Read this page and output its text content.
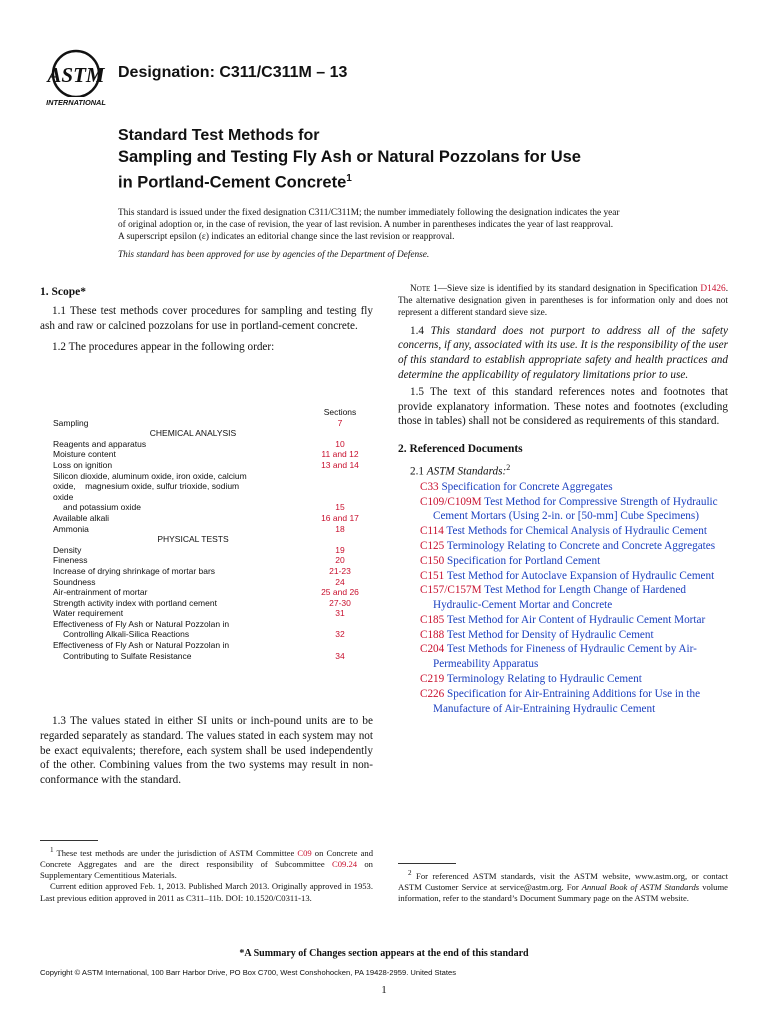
ASTM
INTERNATIONAL
Designation: C311/C311M – 13
Standard Test Methods for
Sampling and Testing Fly Ash or Natural Pozzolans for Use
in Portland-Cement Concrete$^1$

This standard is issued under the fixed designation C311/C311M; the number immediately following the designation indicates the year

of original adoption or, in the case of revision, the year of last revision. A number in parentheses indicates the year of last reapproval.

A superscript epsilon (ε) indicates an editorial change since the last revision or reapproval.

This standard has been approved for use by agencies of the Department of Defense.
1. Scope*

1.1 These test methods cover procedures for sampling and testing fly ash and raw or calcined pozzolans for use in portland-cement concrete.

1.2 The procedures appear in the following order:

Sections
Sampling	7
CHEMICAL ANALYSIS
Reagents and apparatus	10
Moisture content	11 and 12
Loss on ignition	13 and 14
Silicon dioxide, aluminum oxide, iron oxide, calcium
oxide,    magnesium oxide, sulfur trioxide, sodium
oxide
and potassium oxide	15
Available alkali	16 and 17
Ammonia	18
PHYSICAL TESTS
Density	19
Fineness	20
Increase of drying shrinkage of mortar bars	21-23
Soundness	24
Air-entrainment of mortar	25 and 26
Strength activity index with portland cement	27-30
Water requirement	31
Effectiveness of Fly Ash or Natural Pozzolan in
Controlling Alkali-Silica Reactions	32
Effectiveness of Fly Ash or Natural Pozzolan in
Contributing to Sulfate Resistance	34

1.3 The values stated in either SI units or inch-pound units are to be regarded separately as standard. The values stated in each system may not be exact equivalents; therefore, each system shall be used independently of the other. Combining values from the two systems may result in non-conformance with the standard.

$^1$ These test methods are under the jurisdiction of ASTM Committee C09 on Concrete and Concrete Aggregates and are the direct responsibility of Subcommittee C09.24 on Supplementary Cementitious Materials.

Current edition approved Feb. 1, 2013. Published March 2013. Originally approved in 1953. Last previous edition approved in 2011 as C311–11b. DOI: 10.1520/C0311-13.

Note 1—Sieve size is identified by its standard designation in Specification D1426. The alternative designation given in parentheses is for information only and does not represent a different standard sieve size.

1.4 This standard does not purport to address all of the safety concerns, if any, associated with its use. It is the responsibility of the user of this standard to establish appropriate safety and health practices and determine the applicability of regulatory limitations prior to use.

1.5 The text of this standard references notes and footnotes that provide explanatory information. These notes and footnotes (excluding those in tables) shall not be considered as requirements of this standard.

2. Referenced Documents

2.1 ASTM Standards:$^2$

C33 Specification for Concrete Aggregates
C109/C109M Test Method for Compressive Strength of Hydraulic Cement Mortars (Using 2-in. or [50-mm] Cube Specimens)
C114 Test Methods for Chemical Analysis of Hydraulic Cement
C125 Terminology Relating to Concrete and Concrete Aggregates
C150 Specification for Portland Cement
C151 Test Method for Autoclave Expansion of Hydraulic Cement
C157/C157M Test Method for Length Change of Hardened Hydraulic-Cement Mortar and Concrete
C185 Test Method for Air Content of Hydraulic Cement Mortar
C188 Test Method for Density of Hydraulic Cement
C204 Test Methods for Fineness of Hydraulic Cement by Air-Permeability Apparatus
C219 Terminology Relating to Hydraulic Cement
C226 Specification for Air-Entraining Additions for Use in the Manufacture of Air-Entraining Hydraulic Cement

$^2$ For referenced ASTM standards, visit the ASTM website, www.astm.org, or contact ASTM Customer Service at service@astm.org. For Annual Book of ASTM Standards volume information, refer to the standard’s Document Summary page on the ASTM website.

*A Summary of Changes section appears at the end of this standard
Copyright © ASTM International, 100 Barr Harbor Drive, PO Box C700, West Conshohocken, PA 19428-2959. United States
1
